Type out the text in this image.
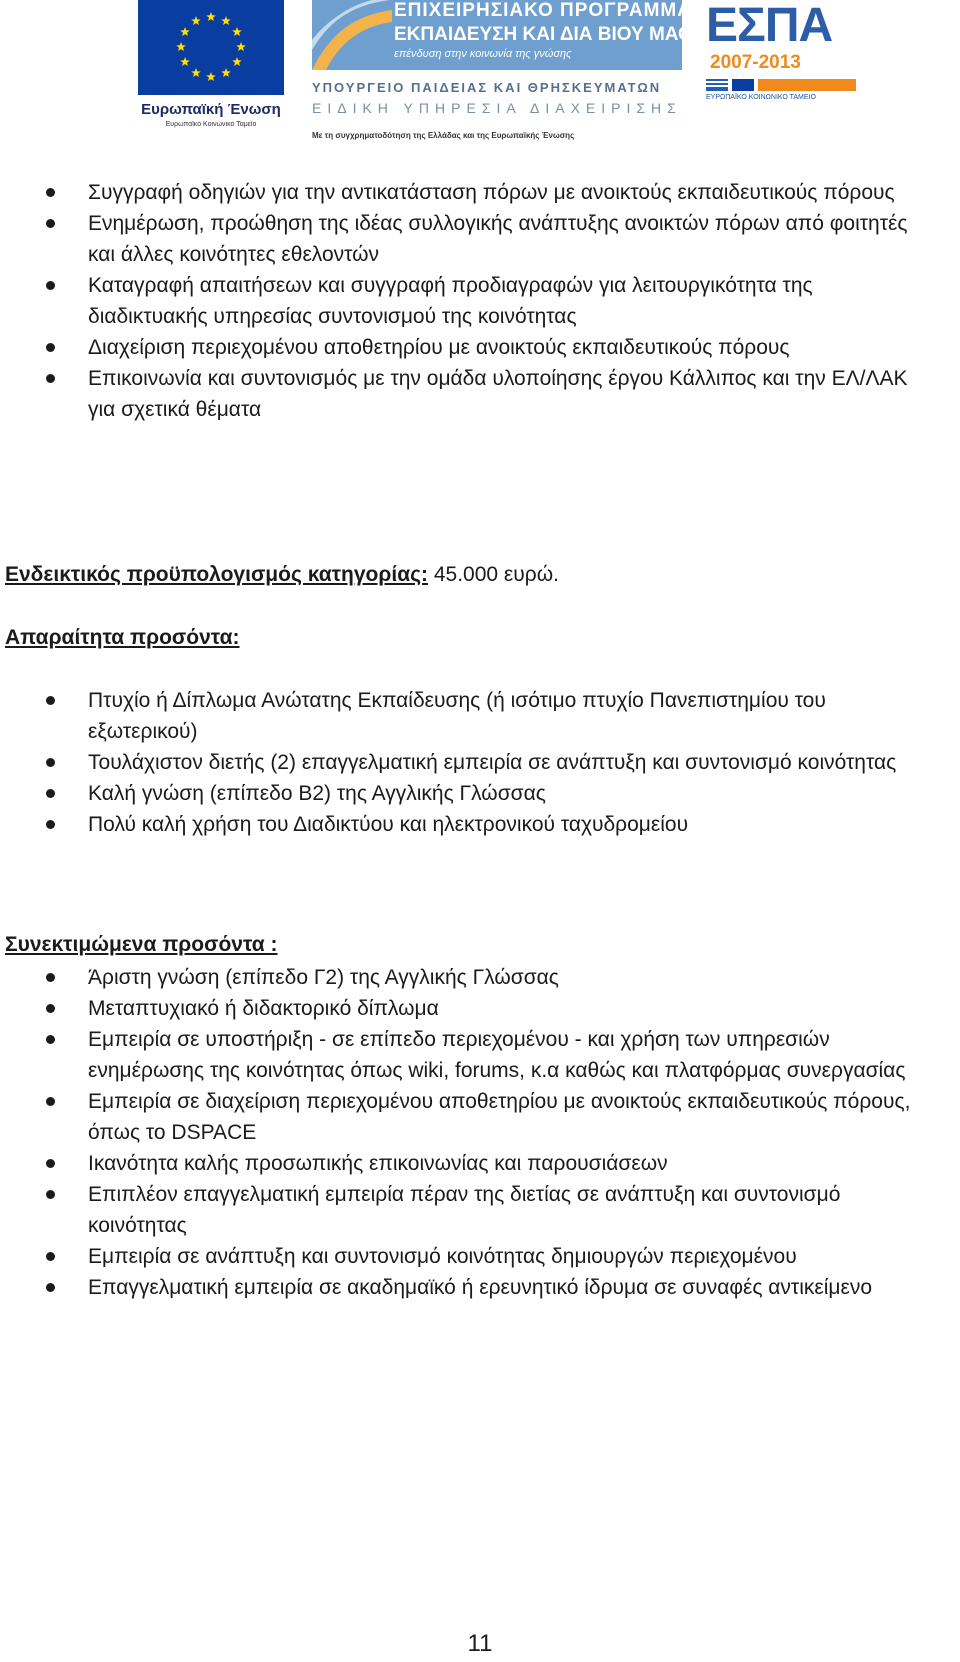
Ευρωπαϊκή Ένωση
Ευρωπαϊκό Κοινωνικό Ταμείο
ΕΠΙΧΕΙΡΗΣΙΑΚΟ ΠΡΟΓΡΑΜΜΑ
ΕΚΠΑΙΔΕΥΣΗ ΚΑΙ ΔΙΑ ΒΙΟΥ ΜΑΘΗΣΗ
επένδυση στην κοινωνία της γνώσης
ΥΠΟΥΡΓΕΙΟ ΠΑΙΔΕΙΑΣ ΚΑΙ ΘΡΗΣΚΕΥΜΑΤΩΝ
ΕΙΔΙΚΗ ΥΠΗΡΕΣΙΑ ΔΙΑΧΕΙΡΙΣΗΣ
Με τη συγχρηματοδότηση της Ελλάδας και της Ευρωπαϊκής Ένωσης
ΕΣΠΑ
2007-2013
ΕΥΡΩΠΑΪΚΟ ΚΟΙΝΩΝΙΚΟ ΤΑΜΕΙΟ
Συγγραφή οδηγιών για την αντικατάσταση πόρων με ανοικτούς εκπαιδευτικούς πόρους
Ενημέρωση, προώθηση της ιδέας συλλογικής ανάπτυξης ανοικτών πόρων από φοιτητές και άλλες κοινότητες εθελοντών
Καταγραφή απαιτήσεων και συγγραφή προδιαγραφών για λειτουργικότητα της διαδικτυακής υπηρεσίας συντονισμού της κοινότητας
Διαχείριση περιεχομένου αποθετηρίου με ανοικτούς εκπαιδευτικούς πόρους
Επικοινωνία και συντονισμός με την ομάδα υλοποίησης έργου Κάλλιπος και την ΕΛ/ΛΑΚ για σχετικά θέματα
Ενδεικτικός προϋπολογισμός κατηγορίας: 45.000 ευρώ.
Απαραίτητα προσόντα:
Πτυχίο ή Δίπλωμα Ανώτατης Εκπαίδευσης (ή ισότιμο πτυχίο Πανεπιστημίου του εξωτερικού)
Τουλάχιστον διετής (2) επαγγελματική εμπειρία σε ανάπτυξη και συντονισμό κοινότητας
Καλή γνώση (επίπεδο Β2) της Αγγλικής Γλώσσας
Πολύ καλή χρήση του Διαδικτύου και ηλεκτρονικού ταχυδρομείου
Συνεκτιμώμενα προσόντα :
Άριστη γνώση (επίπεδο Γ2) της Αγγλικής Γλώσσας
Μεταπτυχιακό ή διδακτορικό δίπλωμα
Εμπειρία σε υποστήριξη - σε επίπεδο περιεχομένου - και χρήση των υπηρεσιών ενημέρωσης της κοινότητας όπως wiki, forums, κ.α καθώς και πλατφόρμας συνεργασίας
Εμπειρία σε διαχείριση περιεχομένου αποθετηρίου με ανοικτούς εκπαιδευτικούς πόρους, όπως το DSPACE
Ικανότητα καλής προσωπικής επικοινωνίας και παρουσιάσεων
Επιπλέον επαγγελματική εμπειρία πέραν της διετίας σε ανάπτυξη και συντονισμό κοινότητας
Εμπειρία σε ανάπτυξη και συντονισμό κοινότητας δημιουργών περιεχομένου
Επαγγελματική εμπειρία σε ακαδημαϊκό ή ερευνητικό ίδρυμα σε συναφές αντικείμενο
11
